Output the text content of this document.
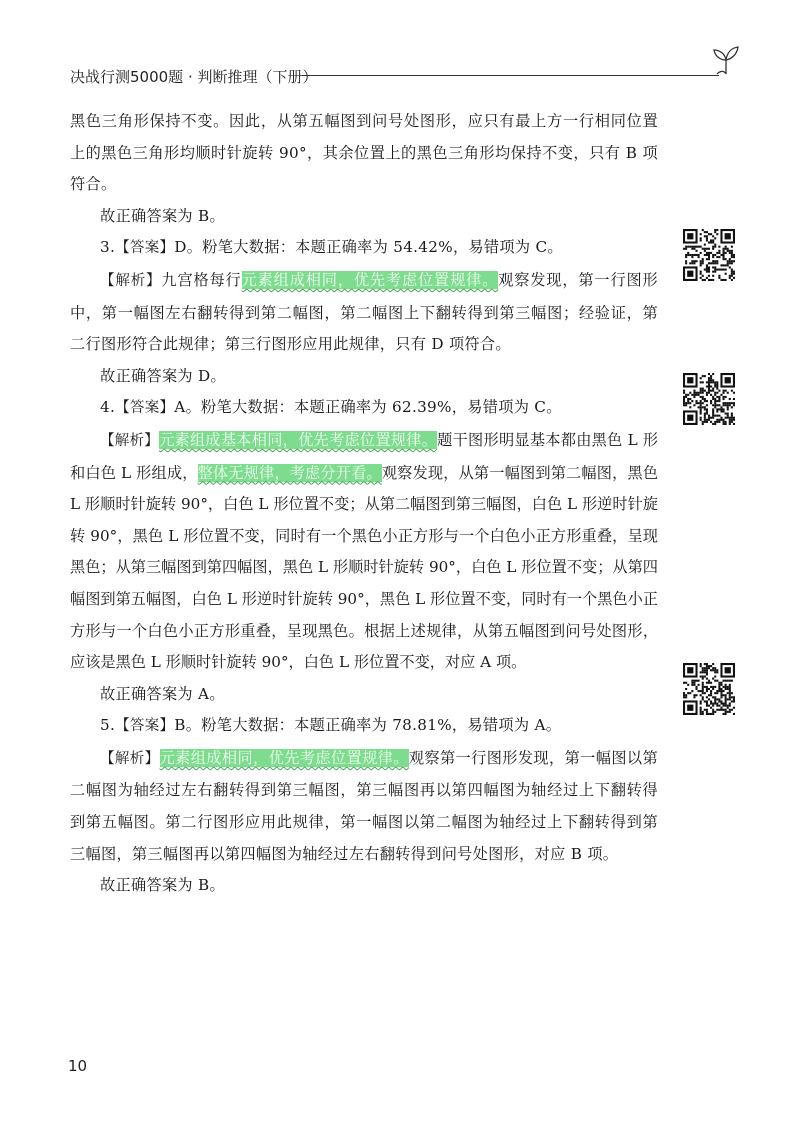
决战行测5000题 · 判断推理（下册）

黑色三角形保持不变。因此，从第五幅图到问号处图形，应只有最上方一行相同位置上的黑色三角形均顺时针旋转 90°，其余位置上的黑色三角形均保持不变，只有 B 项符合。

故正确答案为 B。

3.【答案】D。粉笔大数据：本题正确率为 54.42%，易错项为 C。

【解析】九宫格每行元素组成相同，优先考虑位置规律。观察发现，第一行图形中，第一幅图左右翻转得到第二幅图，第二幅图上下翻转得到第三幅图；经验证，第二行图形符合此规律；第三行图形应用此规律，只有 D 项符合。

故正确答案为 D。

4.【答案】A。粉笔大数据：本题正确率为 62.39%，易错项为 C。

【解析】元素组成基本相同，优先考虑位置规律。题干图形明显基本都由黑色 L 形和白色 L 形组成，整体无规律，考虑分开看。观察发现，从第一幅图到第二幅图，黑色 L 形顺时针旋转 90°，白色 L 形位置不变；从第二幅图到第三幅图，白色 L 形逆时针旋转 90°，黑色 L 形位置不变，同时有一个黑色小正方形与一个白色小正方形重叠，呈现黑色；从第三幅图到第四幅图，黑色 L 形顺时针旋转 90°，白色 L 形位置不变；从第四幅图到第五幅图，白色 L 形逆时针旋转 90°，黑色 L 形位置不变，同时有一个黑色小正方形与一个白色小正方形重叠，呈现黑色。根据上述规律，从第五幅图到问号处图形，应该是黑色 L 形顺时针旋转 90°，白色 L 形位置不变，对应 A 项。

故正确答案为 A。

5.【答案】B。粉笔大数据：本题正确率为 78.81%，易错项为 A。

【解析】元素组成相同，优先考虑位置规律。观察第一行图形发现，第一幅图以第二幅图为轴经过左右翻转得到第三幅图，第三幅图再以第四幅图为轴经过上下翻转得到第五幅图。第二行图形应用此规律，第一幅图以第二幅图为轴经过上下翻转得到第三幅图，第三幅图再以第四幅图为轴经过左右翻转得到问号处图形，对应 B 项。

故正确答案为 B。

10
